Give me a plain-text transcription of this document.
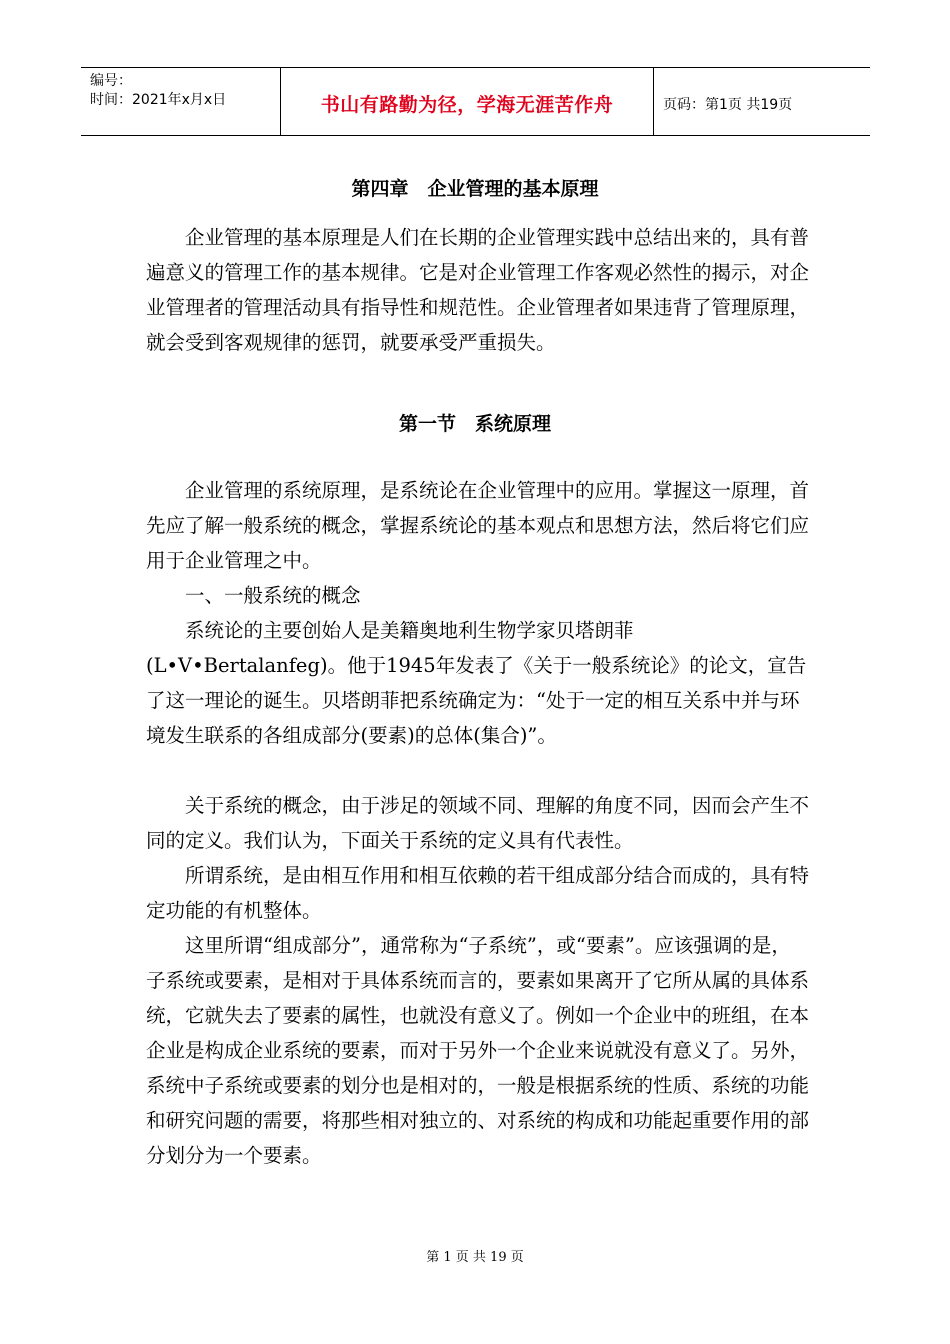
编号：
时间：2021年x月x日	书山有路勤为径，学海无涯苦作舟	页码：第1页 共19页
第四章　企业管理的基本原理

企业管理的基本原理是人们在长期的企业管理实践中总结出来的，具有普遍意义的管理工作的基本规律。它是对企业管理工作客观必然性的揭示，对企业管理者的管理活动具有指导性和规范性。企业管理者如果违背了管理原理，就会受到客观规律的惩罚，就要承受严重损失。

第一节　系统原理

企业管理的系统原理，是系统论在企业管理中的应用。掌握这一原理，首先应了解一般系统的概念，掌握系统论的基本观点和思想方法，然后将它们应用于企业管理之中。

一、一般系统的概念

系统论的主要创始人是美籍奥地利生物学家贝塔朗菲

(L•V•Bertalanfeg)。他于1945年发表了《关于一般系统论》的论文，宣告了这一理论的诞生。贝塔朗菲把系统确定为：“处于一定的相互关系中并与环境发生联系的各组成部分(要素)的总体(集合)”。

关于系统的概念，由于涉足的领域不同、理解的角度不同，因而会产生不同的定义。我们认为，下面关于系统的定义具有代表性。

所谓系统，是由相互作用和相互依赖的若干组成部分结合而成的，具有特定功能的有机整体。

这里所谓“组成部分”，通常称为“子系统”，或“要素”。应该强调的是，子系统或要素，是相对于具体系统而言的，要素如果离开了它所从属的具体系统，它就失去了要素的属性，也就没有意义了。例如一个企业中的班组，在本企业是构成企业系统的要素，而对于另外一个企业来说就没有意义了。另外，系统中子系统或要素的划分也是相对的，一般是根据系统的性质、系统的功能和研究问题的需要，将那些相对独立的、对系统的构成和功能起重要作用的部分划分为一个要素。

第 1 页 共 19 页
